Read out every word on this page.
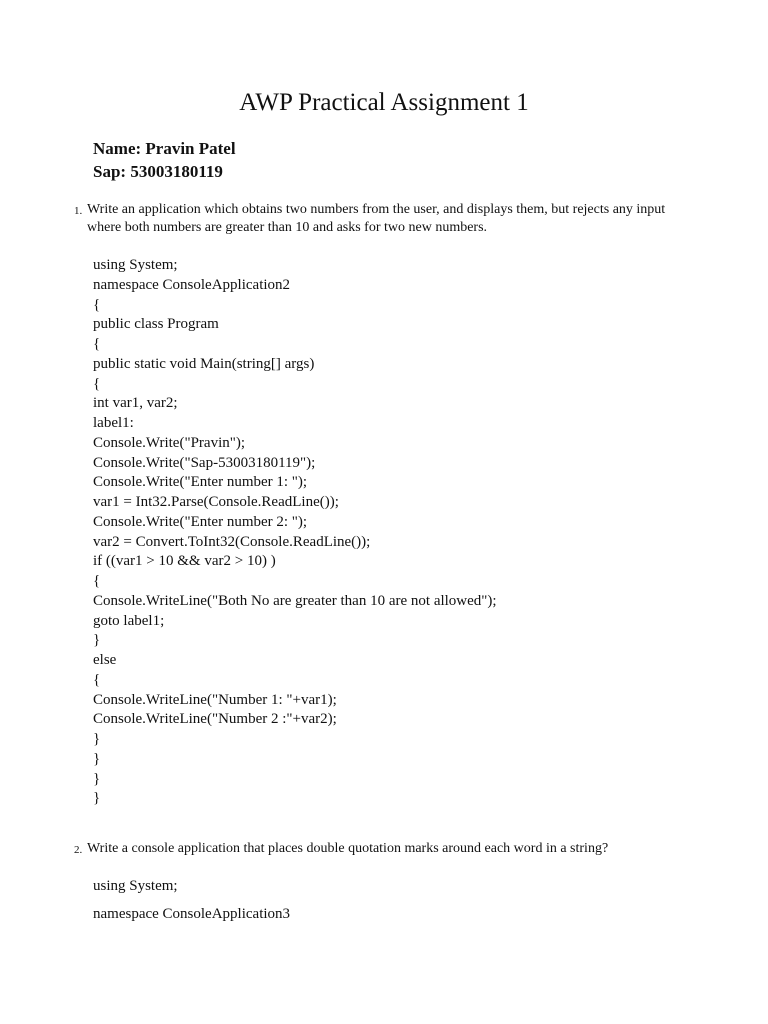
AWP Practical Assignment 1
Name: Pravin Patel
Sap: 53003180119
1. Write an application which obtains two numbers from the user, and displays them, but rejects any input where both numbers are greater than 10 and asks for two new numbers.

using System;
namespace ConsoleApplication2
{
public class Program
{
public static void Main(string[] args)
{
int var1, var2;
label1:
Console.Write("Pravin");
Console.Write("Sap-53003180119");
Console.Write("Enter number 1: ");
var1 = Int32.Parse(Console.ReadLine());
Console.Write("Enter number 2: ");
var2 = Convert.ToInt32(Console.ReadLine());
if ((var1 > 10 && var2 > 10) )
{
Console.WriteLine("Both No are greater than 10 are not allowed");
goto label1;
}
else
{
Console.WriteLine("Number 1: "+var1);
Console.WriteLine("Number 2 :"+var2);
}
}
}
}
2. Write a console application that places double quotation marks around each word in a string?

using System;
namespace ConsoleApplication3
